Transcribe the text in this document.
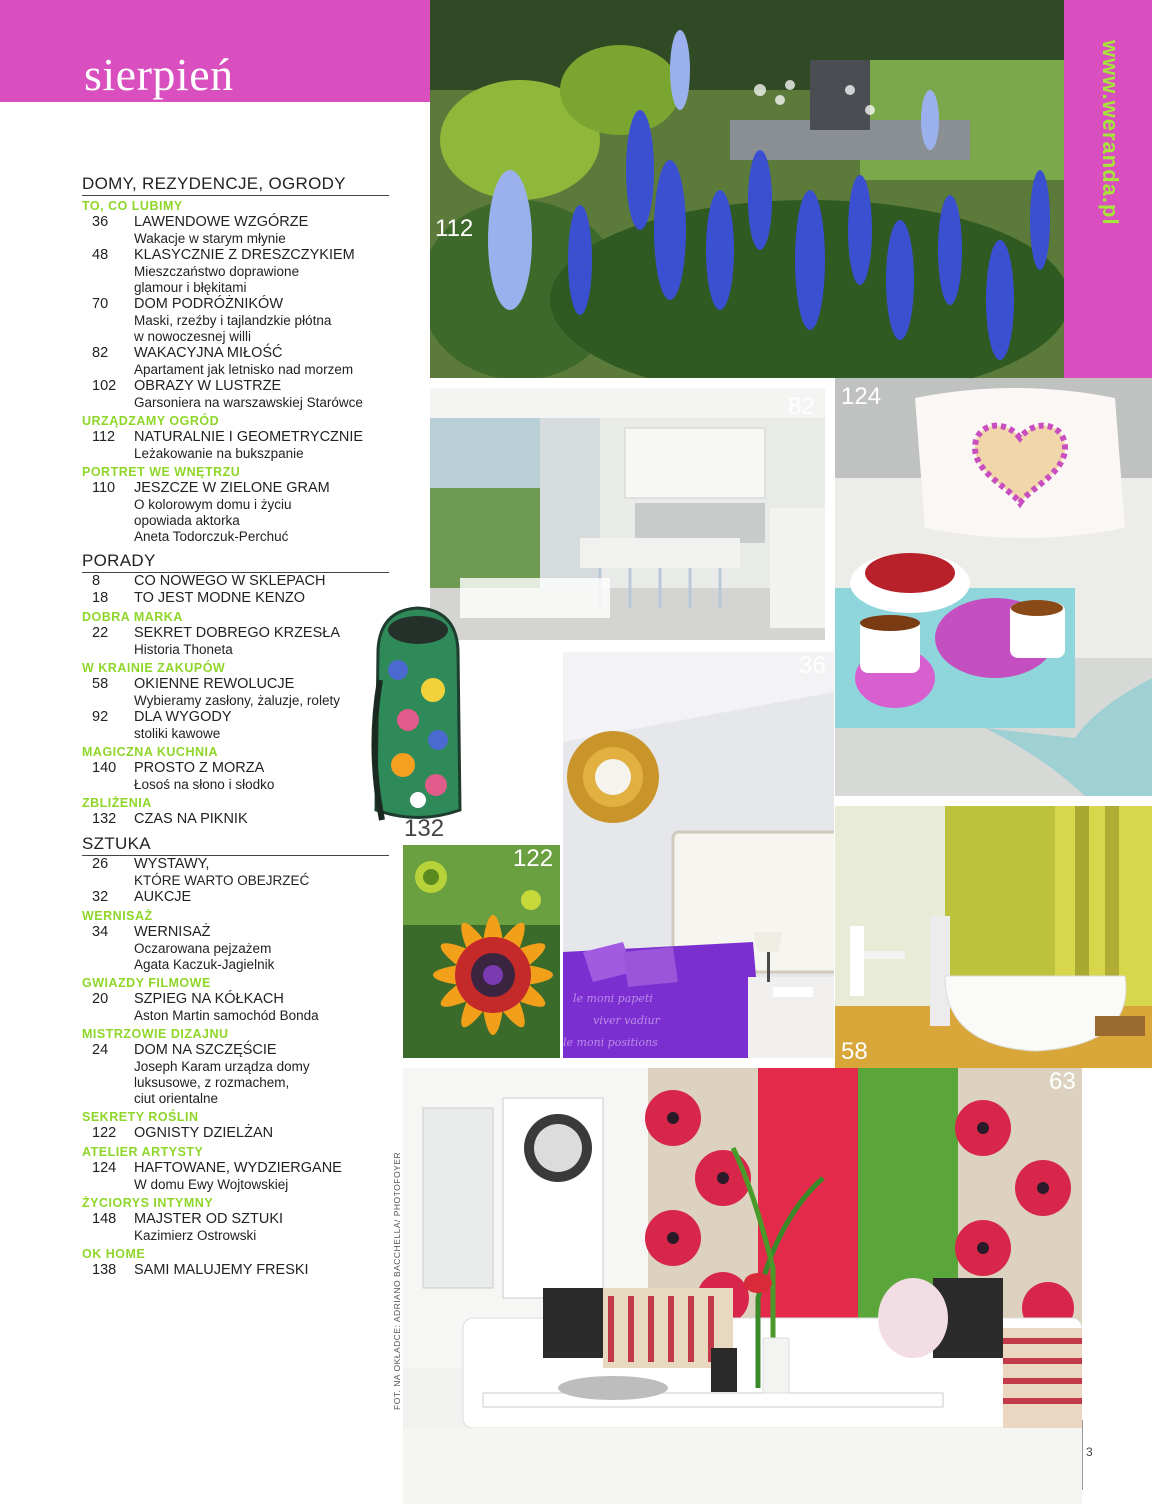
sierpień	www.weranda.pl
DOMY, REZYDENCJE, OGRODY
TO, CO LUBIMY
36	LAWENDOWE WZGÓRZE
Wakacje w starym młynie
48	KLASYCZNIE Z DRESZCZYKIEM
Mieszczaństwo doprawione
glamour i błękitami
70	DOM PODRÓŻNIKÓW
Maski, rzeźby i tajlandzkie płótna
w nowoczesnej willi
82	WAKACYJNA MIŁOŚĆ
Apartament jak letnisko nad morzem
102	OBRAZY W LUSTRZE
Garsoniera na warszawskiej Starówce
URZĄDZAMY OGRÓD
112	NATURALNIE I GEOMETRYCZNIE
Leżakowanie na bukszpanie
PORTRET WE WNĘTRZU
110	JESZCZE W ZIELONE GRAM
O kolorowym domu i życiu
opowiada aktorka
Aneta Todorczuk-Perchuć
PORADY
8	CO NOWEGO W SKLEPACH
18	TO JEST MODNE KENZO
DOBRA MARKA
22	SEKRET DOBREGO KRZESŁA
Historia Thoneta
W KRAINIE ZAKUPÓW
58	OKIENNE REWOLUCJE
Wybieramy zasłony, żaluzje, rolety
92	DLA WYGODY
stoliki kawowe
MAGICZNA KUCHNIA
140	PROSTO Z MORZA
Łosoś na słono i słodko
ZBLIŻENIA
132	CZAS NA PIKNIK
SZTUKA
26	WYSTAWY,
KTÓRE WARTO OBEJRZEĆ
32	AUKCJE
WERNISAŻ
34	WERNISAŻ
Oczarowana pejzażem
Agata Kaczuk-Jagielnik
GWIAZDY FILMOWE
20	SZPIEG NA KÓŁKACH
Aston Martin samochód Bonda
MISTRZOWIE DIZAJNU
24	DOM NA SZCZĘŚCIE
Joseph Karam urządza domy
luksusowe, z rozmachem,
ciut orientalne
SEKRETY ROŚLIN
122	OGNISTY DZIELŻAN
ATELIER ARTYSTY
124	HAFTOWANE, WYDZIERGANE
W domu Ewy Wojtowskiej
ŻYCIORYS INTYMNY
148	MAJSTER OD SZTUKI
Kazimierz Ostrowski
OK HOME
138	SAMI MALUJEMY FRESKI	FOT. NA OKŁADCE: ADRIANO BACCHELLA/ PHOTOFOYER
112
82 124
132
le moni papeti
viver vadiur
le moni positions
36
122
58
63
3
